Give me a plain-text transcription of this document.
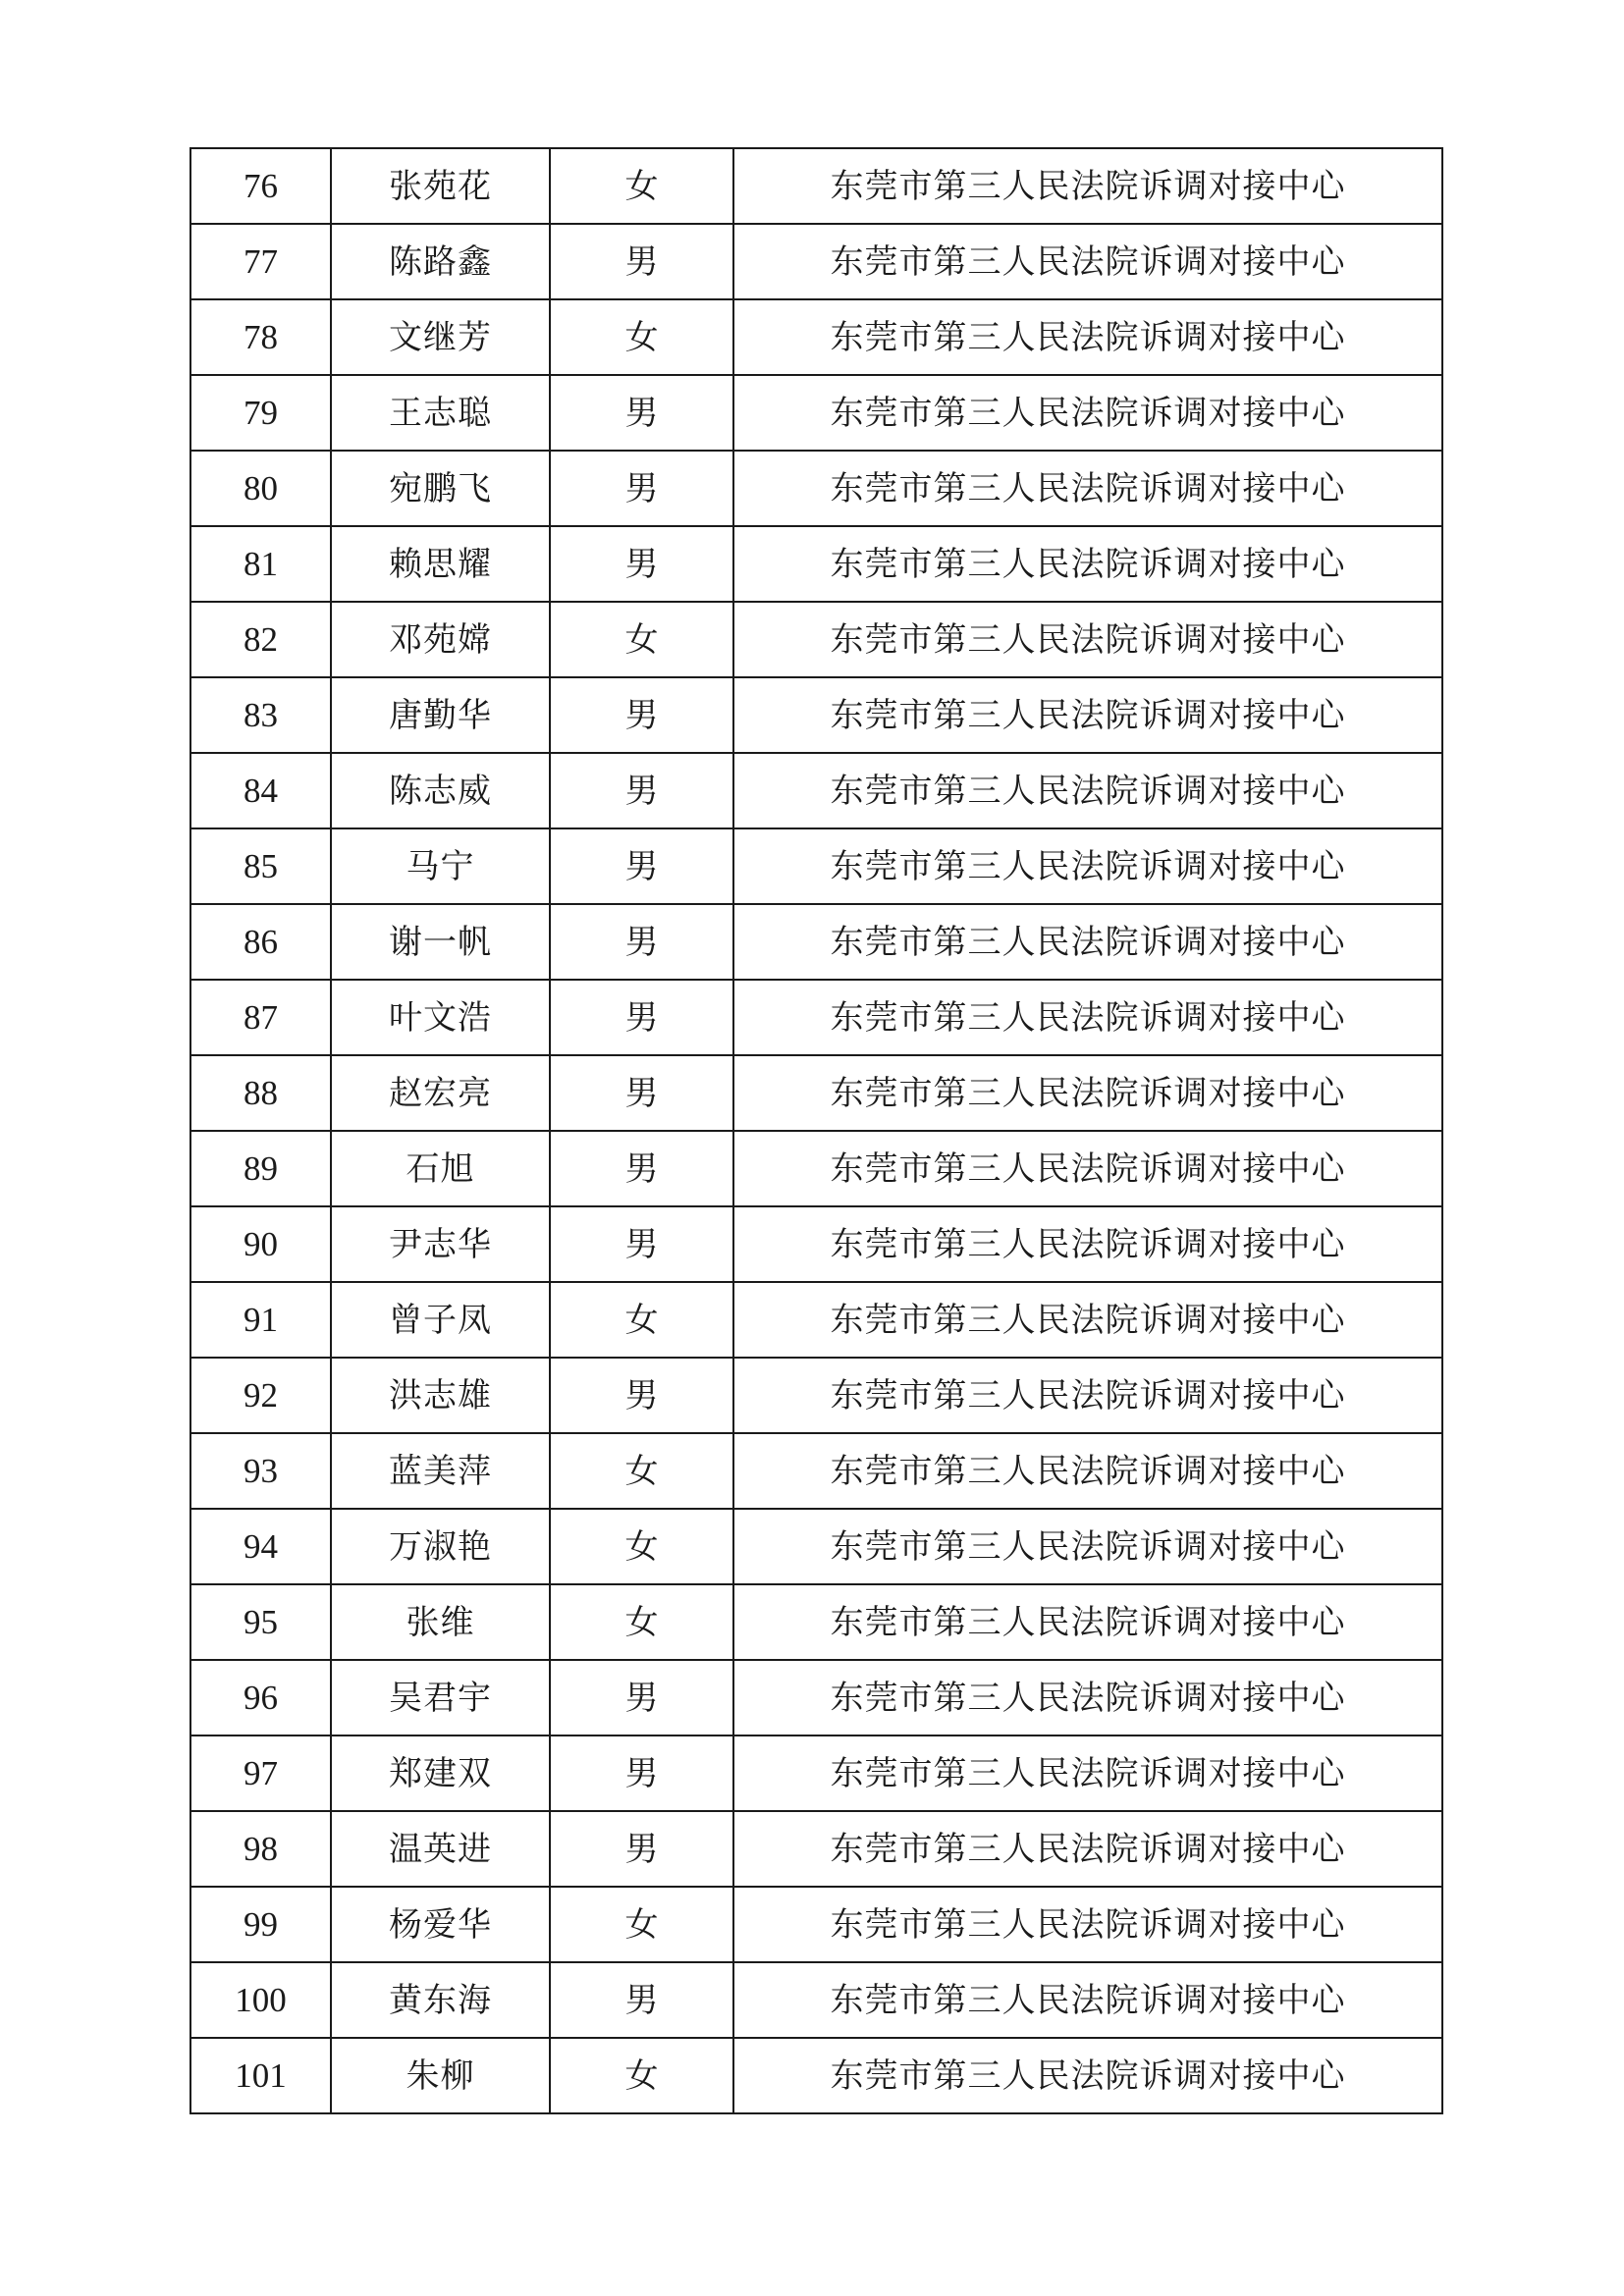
76	张苑花	女	东莞市第三人民法院诉调对接中心
77	陈路鑫	男	东莞市第三人民法院诉调对接中心
78	文继芳	女	东莞市第三人民法院诉调对接中心
79	王志聪	男	东莞市第三人民法院诉调对接中心
80	宛鹏飞	男	东莞市第三人民法院诉调对接中心
81	赖思耀	男	东莞市第三人民法院诉调对接中心
82	邓苑嫦	女	东莞市第三人民法院诉调对接中心
83	唐勤华	男	东莞市第三人民法院诉调对接中心
84	陈志威	男	东莞市第三人民法院诉调对接中心
85	马宁	男	东莞市第三人民法院诉调对接中心
86	谢一帆	男	东莞市第三人民法院诉调对接中心
87	叶文浩	男	东莞市第三人民法院诉调对接中心
88	赵宏亮	男	东莞市第三人民法院诉调对接中心
89	石旭	男	东莞市第三人民法院诉调对接中心
90	尹志华	男	东莞市第三人民法院诉调对接中心
91	曾子凤	女	东莞市第三人民法院诉调对接中心
92	洪志雄	男	东莞市第三人民法院诉调对接中心
93	蓝美萍	女	东莞市第三人民法院诉调对接中心
94	万淑艳	女	东莞市第三人民法院诉调对接中心
95	张维	女	东莞市第三人民法院诉调对接中心
96	吴君宇	男	东莞市第三人民法院诉调对接中心
97	郑建双	男	东莞市第三人民法院诉调对接中心
98	温英进	男	东莞市第三人民法院诉调对接中心
99	杨爱华	女	东莞市第三人民法院诉调对接中心
100	黄东海	男	东莞市第三人民法院诉调对接中心
101	朱柳	女	东莞市第三人民法院诉调对接中心
